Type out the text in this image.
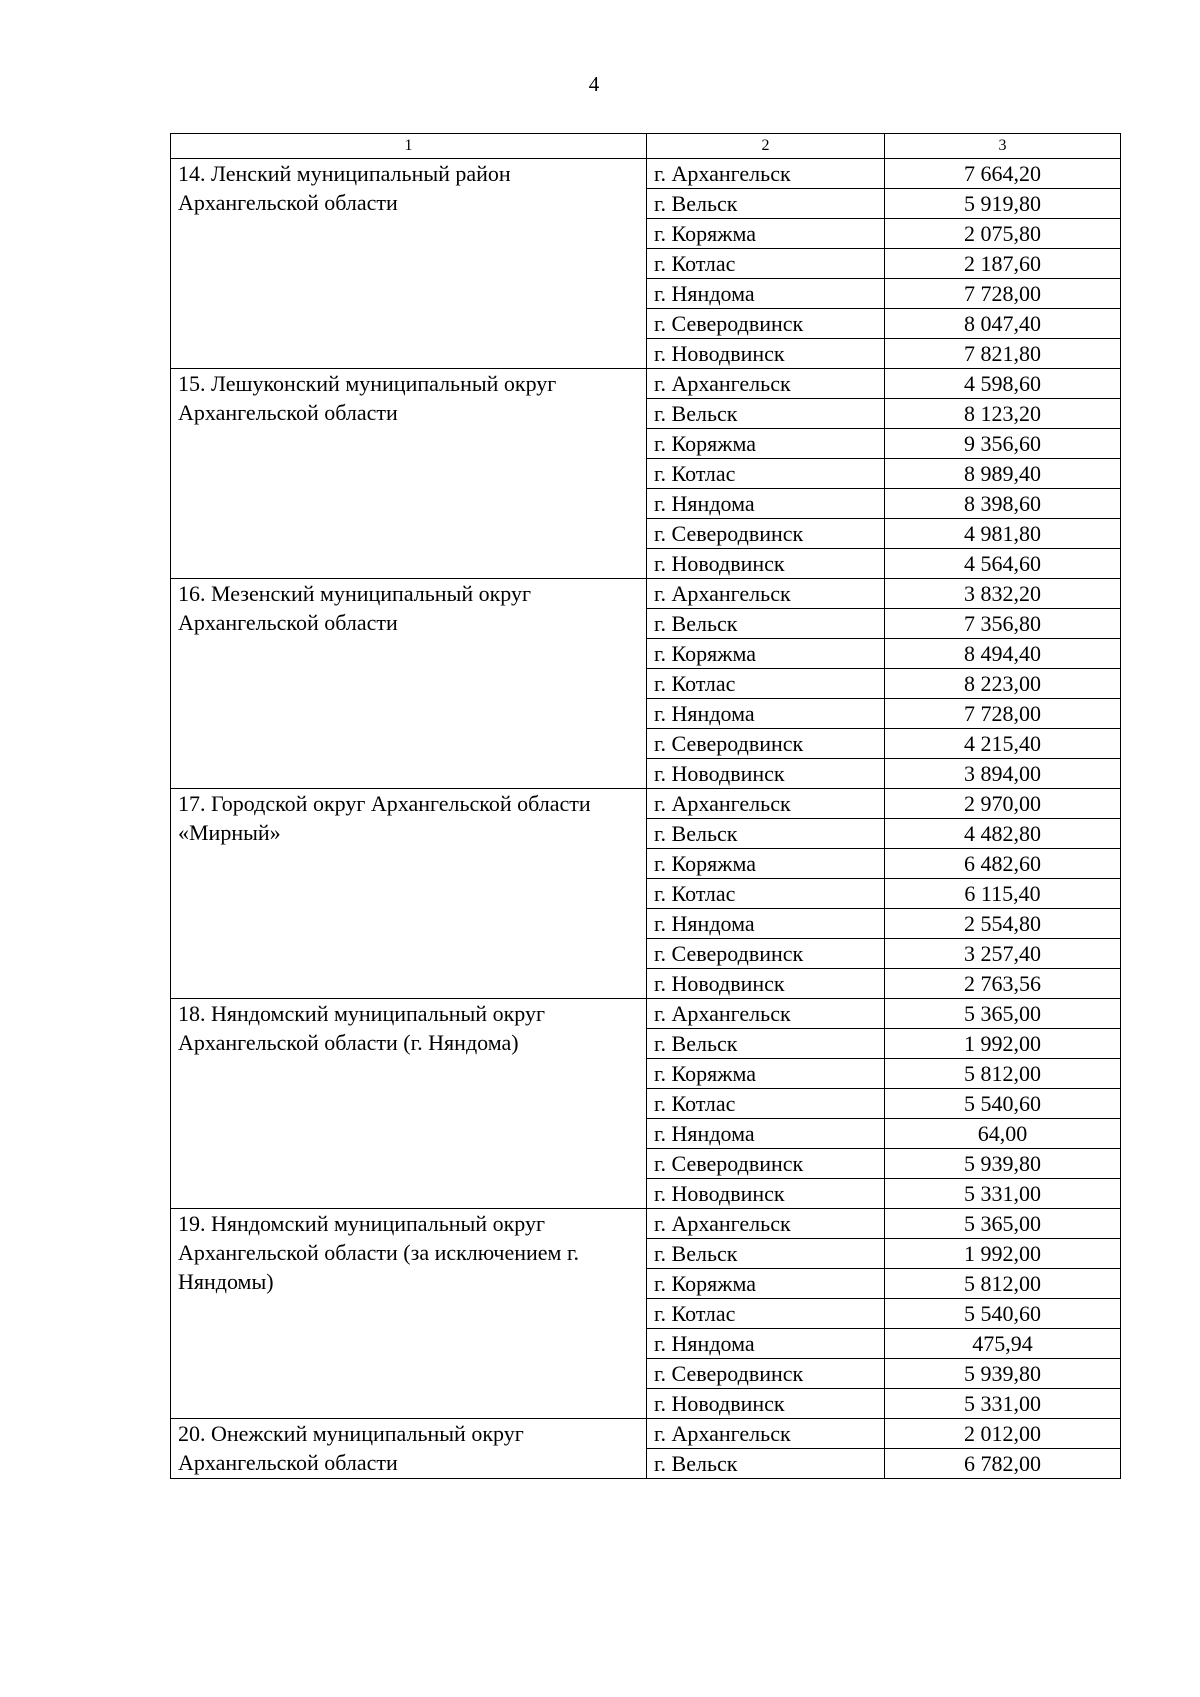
4
1	2	3
14. Ленский муниципальный район Архангельской области	г. Архангельск	7 664,20
	г. Вельск	5 919,80
	г. Коряжма	2 075,80
	г. Котлас	2 187,60
	г. Няндома	7 728,00
	г. Северодвинск	8 047,40
	г. Новодвинск	7 821,80
15. Лешуконский муниципальный округ Архангельской области	г. Архангельск	4 598,60
	г. Вельск	8 123,20
	г. Коряжма	9 356,60
	г. Котлас	8 989,40
	г. Няндома	8 398,60
	г. Северодвинск	4 981,80
	г. Новодвинск	4 564,60
16. Мезенский муниципальный округ Архангельской области	г. Архангельск	3 832,20
	г. Вельск	7 356,80
	г. Коряжма	8 494,40
	г. Котлас	8 223,00
	г. Няндома	7 728,00
	г. Северодвинск	4 215,40
	г. Новодвинск	3 894,00
17. Городской округ Архангельской области «Мирный»	г. Архангельск	2 970,00
	г. Вельск	4 482,80
	г. Коряжма	6 482,60
	г. Котлас	6 115,40
	г. Няндома	2 554,80
	г. Северодвинск	3 257,40
	г. Новодвинск	2 763,56
18. Няндомский муниципальный округ Архангельской области (г. Няндома)	г. Архангельск	5 365,00
	г. Вельск	1 992,00
	г. Коряжма	5 812,00
	г. Котлас	5 540,60
	г. Няндома	64,00
	г. Северодвинск	5 939,80
	г. Новодвинск	5 331,00
19. Няндомский муниципальный округ Архангельской области (за исключением г. Няндомы)	г. Архангельск	5 365,00
	г. Вельск	1 992,00
	г. Коряжма	5 812,00
	г. Котлас	5 540,60
	г. Няндома	475,94
	г. Северодвинск	5 939,80
	г. Новодвинск	5 331,00
20. Онежский муниципальный округ Архангельской области	г. Архангельск	2 012,00
	г. Вельск	6 782,00
